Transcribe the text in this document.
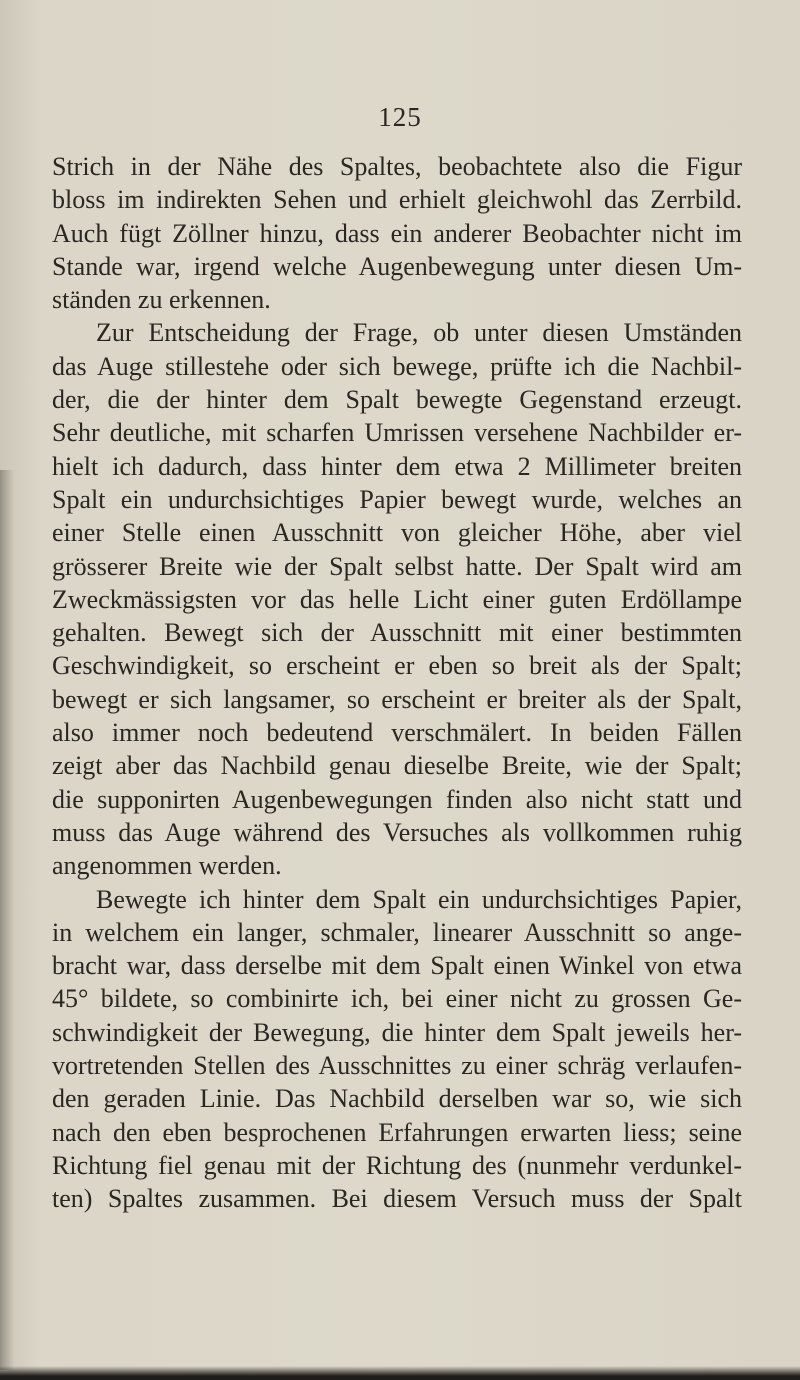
125
Strich in der Nähe des Spaltes, beobachtete also die Figur
bloss im indirekten Sehen und erhielt gleichwohl das Zerrbild.
Auch fügt Zöllner hinzu, dass ein anderer Beobachter nicht im
Stande war, irgend welche Augenbewegung unter diesen Um-
ständen zu erkennen.
Zur Entscheidung der Frage, ob unter diesen Umständen
das Auge stillestehe oder sich bewege, prüfte ich die Nachbil-
der, die der hinter dem Spalt bewegte Gegenstand erzeugt.
Sehr deutliche, mit scharfen Umrissen versehene Nachbilder er-
hielt ich dadurch, dass hinter dem etwa 2 Millimeter breiten
Spalt ein undurchsichtiges Papier bewegt wurde, welches an
einer Stelle einen Ausschnitt von gleicher Höhe, aber viel
grösserer Breite wie der Spalt selbst hatte. Der Spalt wird am
Zweckmässigsten vor das helle Licht einer guten Erdöllampe
gehalten. Bewegt sich der Ausschnitt mit einer bestimmten
Geschwindigkeit, so erscheint er eben so breit als der Spalt;
bewegt er sich langsamer, so erscheint er breiter als der Spalt,
also immer noch bedeutend verschmälert. In beiden Fällen
zeigt aber das Nachbild genau dieselbe Breite, wie der Spalt;
die supponirten Augenbewegungen finden also nicht statt und
muss das Auge während des Versuches als vollkommen ruhig
angenommen werden.
Bewegte ich hinter dem Spalt ein undurchsichtiges Papier,
in welchem ein langer, schmaler, linearer Ausschnitt so ange-
bracht war, dass derselbe mit dem Spalt einen Winkel von etwa
45° bildete, so combinirte ich, bei einer nicht zu grossen Ge-
schwindigkeit der Bewegung, die hinter dem Spalt jeweils her-
vortretenden Stellen des Ausschnittes zu einer schräg verlaufen-
den geraden Linie. Das Nachbild derselben war so, wie sich
nach den eben besprochenen Erfahrungen erwarten liess; seine
Richtung fiel genau mit der Richtung des (nunmehr verdunkel-
ten) Spaltes zusammen. Bei diesem Versuch muss der Spalt
